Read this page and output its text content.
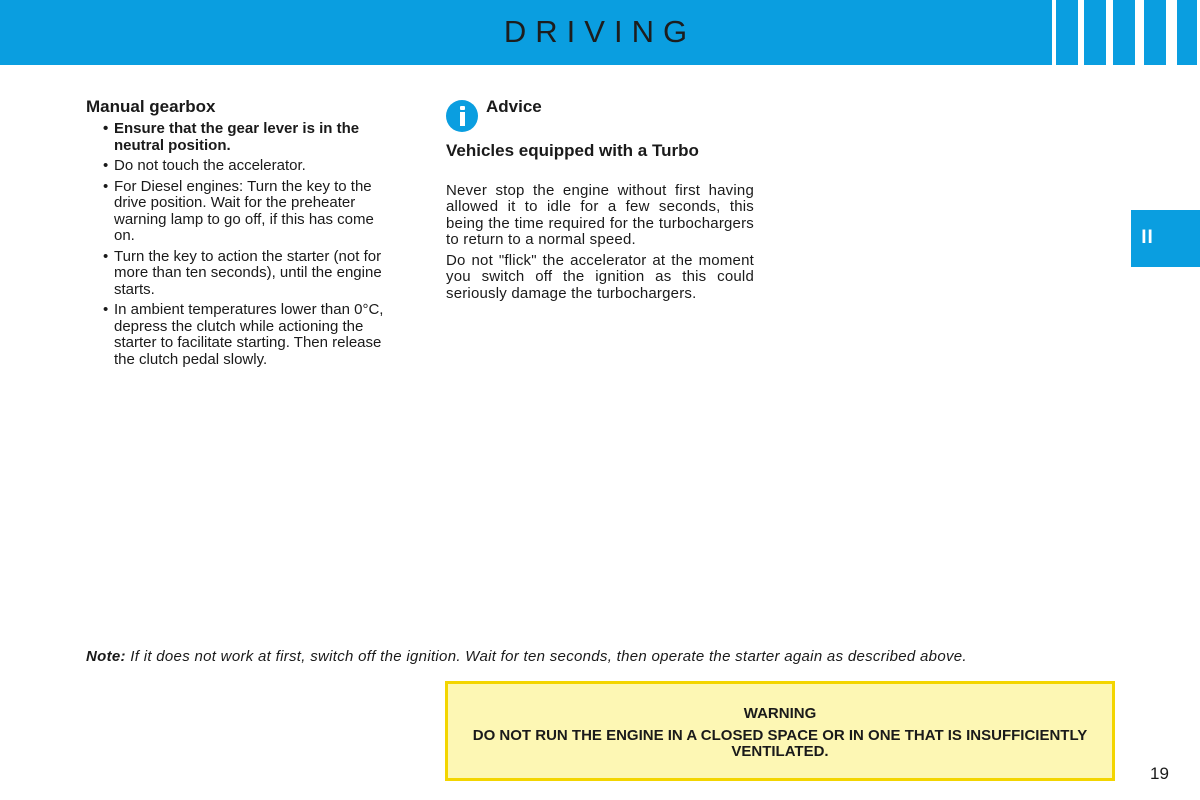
DRIVING
II
Manual gearbox
• Ensure that the gear lever is in the neutral position.
• Do not touch the accelerator.
• For Diesel engines: Turn the key to the drive position. Wait for the preheater warning lamp to go off, if this has come on.
• Turn the key to action the starter (not for more than ten seconds), until the engine starts.
• In ambient temperatures lower than 0°C, depress the clutch while actioning the starter to facilitate starting. Then release the clutch pedal slowly.
Advice
Vehicles equipped with a Turbo

Never stop the engine without first having allowed it to idle for a few seconds, this being the time required for the turbochargers to return to a normal speed.

Do not "flick" the accelerator at the moment you switch off the ignition as this could seriously damage the turbochargers.

Note: If it does not work at first, switch off the ignition. Wait for ten seconds, then operate the starter again as described above.
WARNING
DO NOT RUN THE ENGINE IN A CLOSED SPACE OR IN ONE THAT IS INSUFFICIENTLY VENTILATED.
19
